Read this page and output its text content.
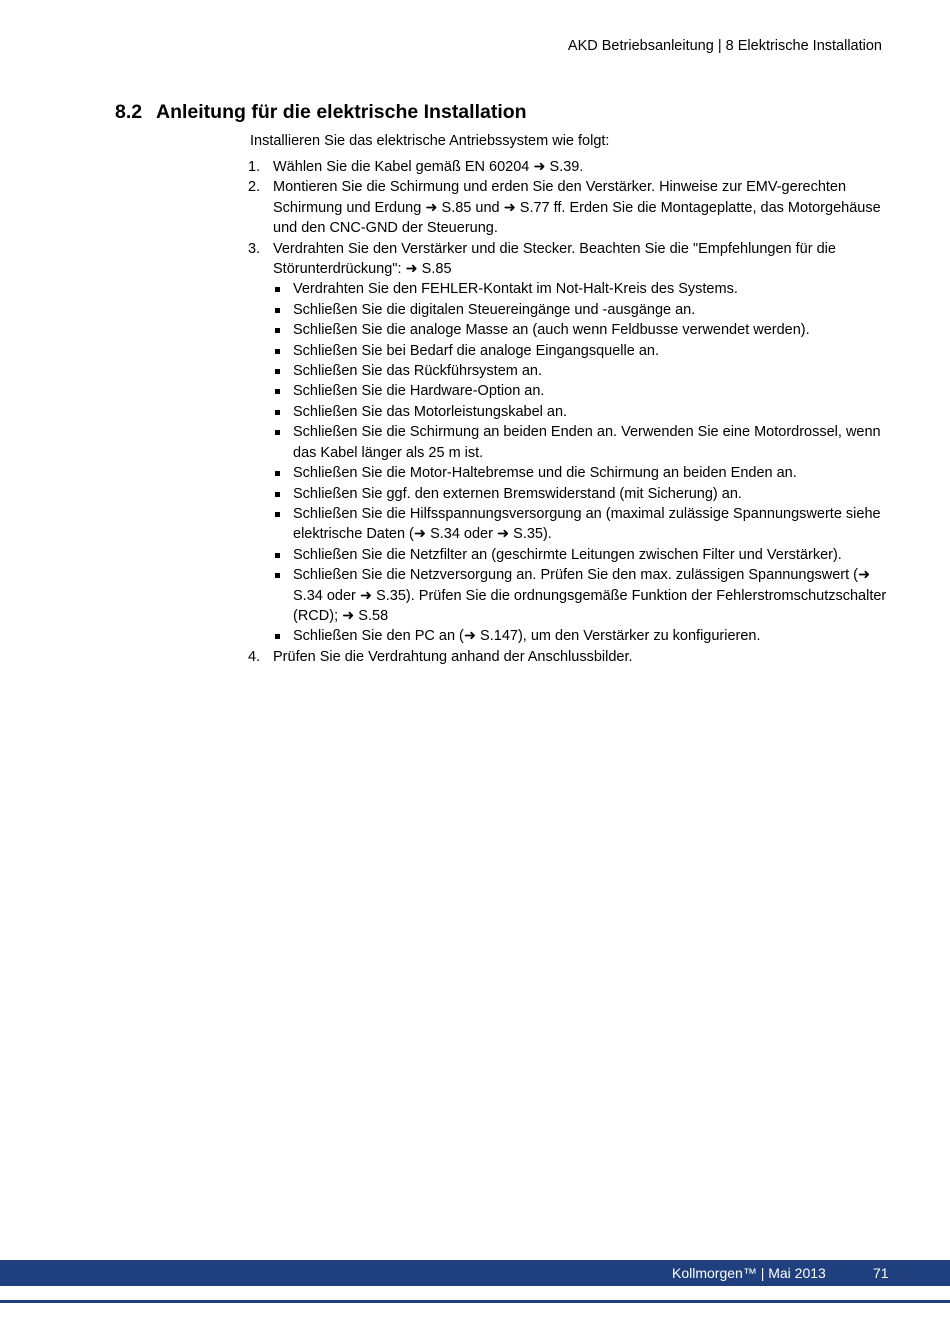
AKD Betriebsanleitung | 8 Elektrische Installation
8.2 Anleitung für die elektrische Installation
Installieren Sie das elektrische Antriebssystem wie folgt:
1. Wählen Sie die Kabel gemäß EN 60204 ➜ S.39.
2. Montieren Sie die Schirmung und erden Sie den Verstärker. Hinweise zur EMV-gerechten Schirmung und Erdung ➜ S.85 und ➜ S.77 ff. Erden Sie die Montageplatte, das Motorgehäuse und den CNC-GND der Steuerung.
3. Verdrahten Sie den Verstärker und die Stecker. Beachten Sie die "Empfehlungen für die Störunterdrückung": ➜ S.85
Verdrahten Sie den FEHLER-Kontakt im Not-Halt-Kreis des Systems.
Schließen Sie die digitalen Steuereingänge und -ausgänge an.
Schließen Sie die analoge Masse an (auch wenn Feldbusse verwendet werden).
Schließen Sie bei Bedarf die analoge Eingangsquelle an.
Schließen Sie das Rückführsystem an.
Schließen Sie die Hardware-Option an.
Schließen Sie das Motorleistungskabel an.
Schließen Sie die Schirmung an beiden Enden an. Verwenden Sie eine Motordrossel, wenn das Kabel länger als 25 m ist.
Schließen Sie die Motor-Haltebremse und die Schirmung an beiden Enden an.
Schließen Sie ggf. den externen Bremswiderstand (mit Sicherung) an.
Schließen Sie die Hilfsspannungsversorgung an (maximal zulässige Spannungswerte siehe elektrische Daten (➜ S.34 oder ➜ S.35).
Schließen Sie die Netzfilter an (geschirmte Leitungen zwischen Filter und Verstärker).
Schließen Sie die Netzversorgung an. Prüfen Sie den max. zulässigen Spannungswert (➜ S.34 oder ➜ S.35). Prüfen Sie die ordnungsgemäße Funktion der Fehlerstromschutzschalter (RCD); ➜ S.58
Schließen Sie den PC an (➜ S.147), um den Verstärker zu konfigurieren.
4. Prüfen Sie die Verdrahtung anhand der Anschlussbilder.
Kollmorgen™ | Mai 2013	71
